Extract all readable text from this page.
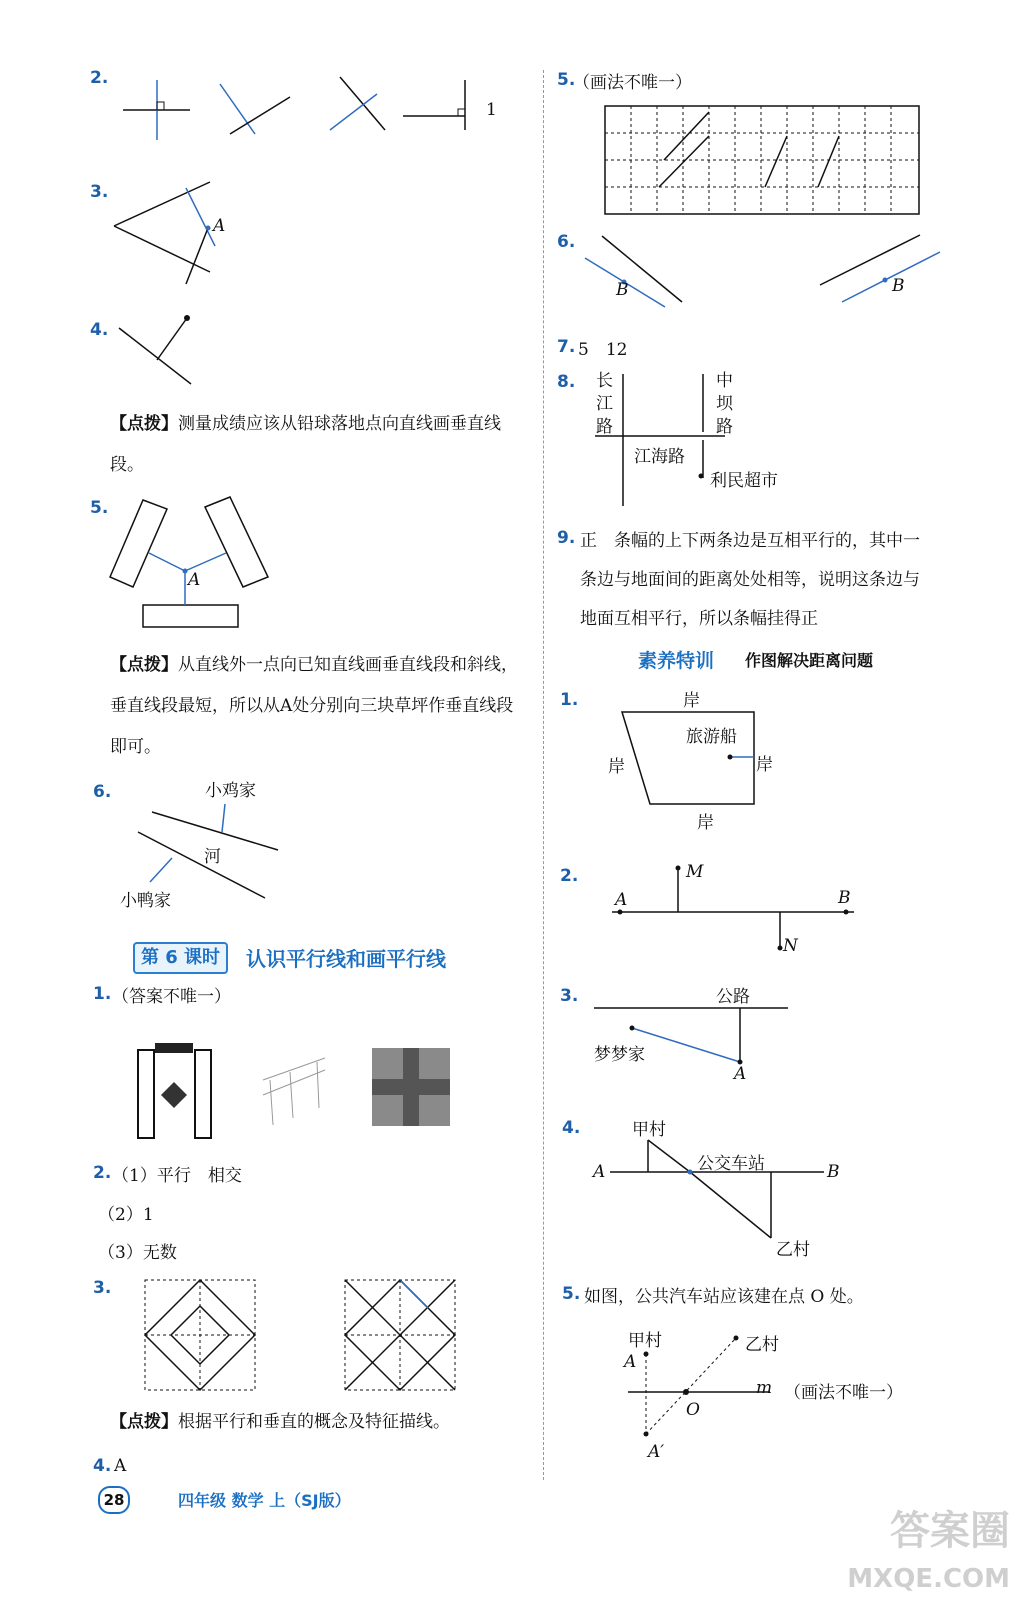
2.
1
3.
A
4.
【点拨】测量成绩应该从铅球落地点向直线画垂直线段。
5.
A
【点拨】从直线外一点向已知直线画垂直线段和斜线，垂直线段最短，所以从A处分别向三块草坪作垂直线段即可。
6.	小鸡家
河
小鸭家
第 6 课时	认识平行线和画平行线
1. （答案不唯一）
2. （1）平行　相交
（2）1
（3）无数
3.
【点拨】根据平行和垂直的概念及特征描线。
4. A
5.
（画法不唯一）
6.
B	B
7. 5　12
8. 长
江
路
中
坝
路
江海路
利民超市
9. 正　条幅的上下两条边是互相平行的，其中一
条边与地面间的距离处处相等，说明这条边与
地面互相平行，所以条幅挂得正
素养特训 作图解决距离问题
1.	岸
岸	岸
岸
旅游船
2.
A	B
M
N
3.	公路
梦梦家
A
4.	甲村
公交车站
A	B
乙村
5. 如图，公共汽车站应该建在点 O 处。
甲村	乙村
A
m
O
A′
（画法不唯一）
28	四年级 数学 上（SJ版）
答案圈
MXQE.COM
